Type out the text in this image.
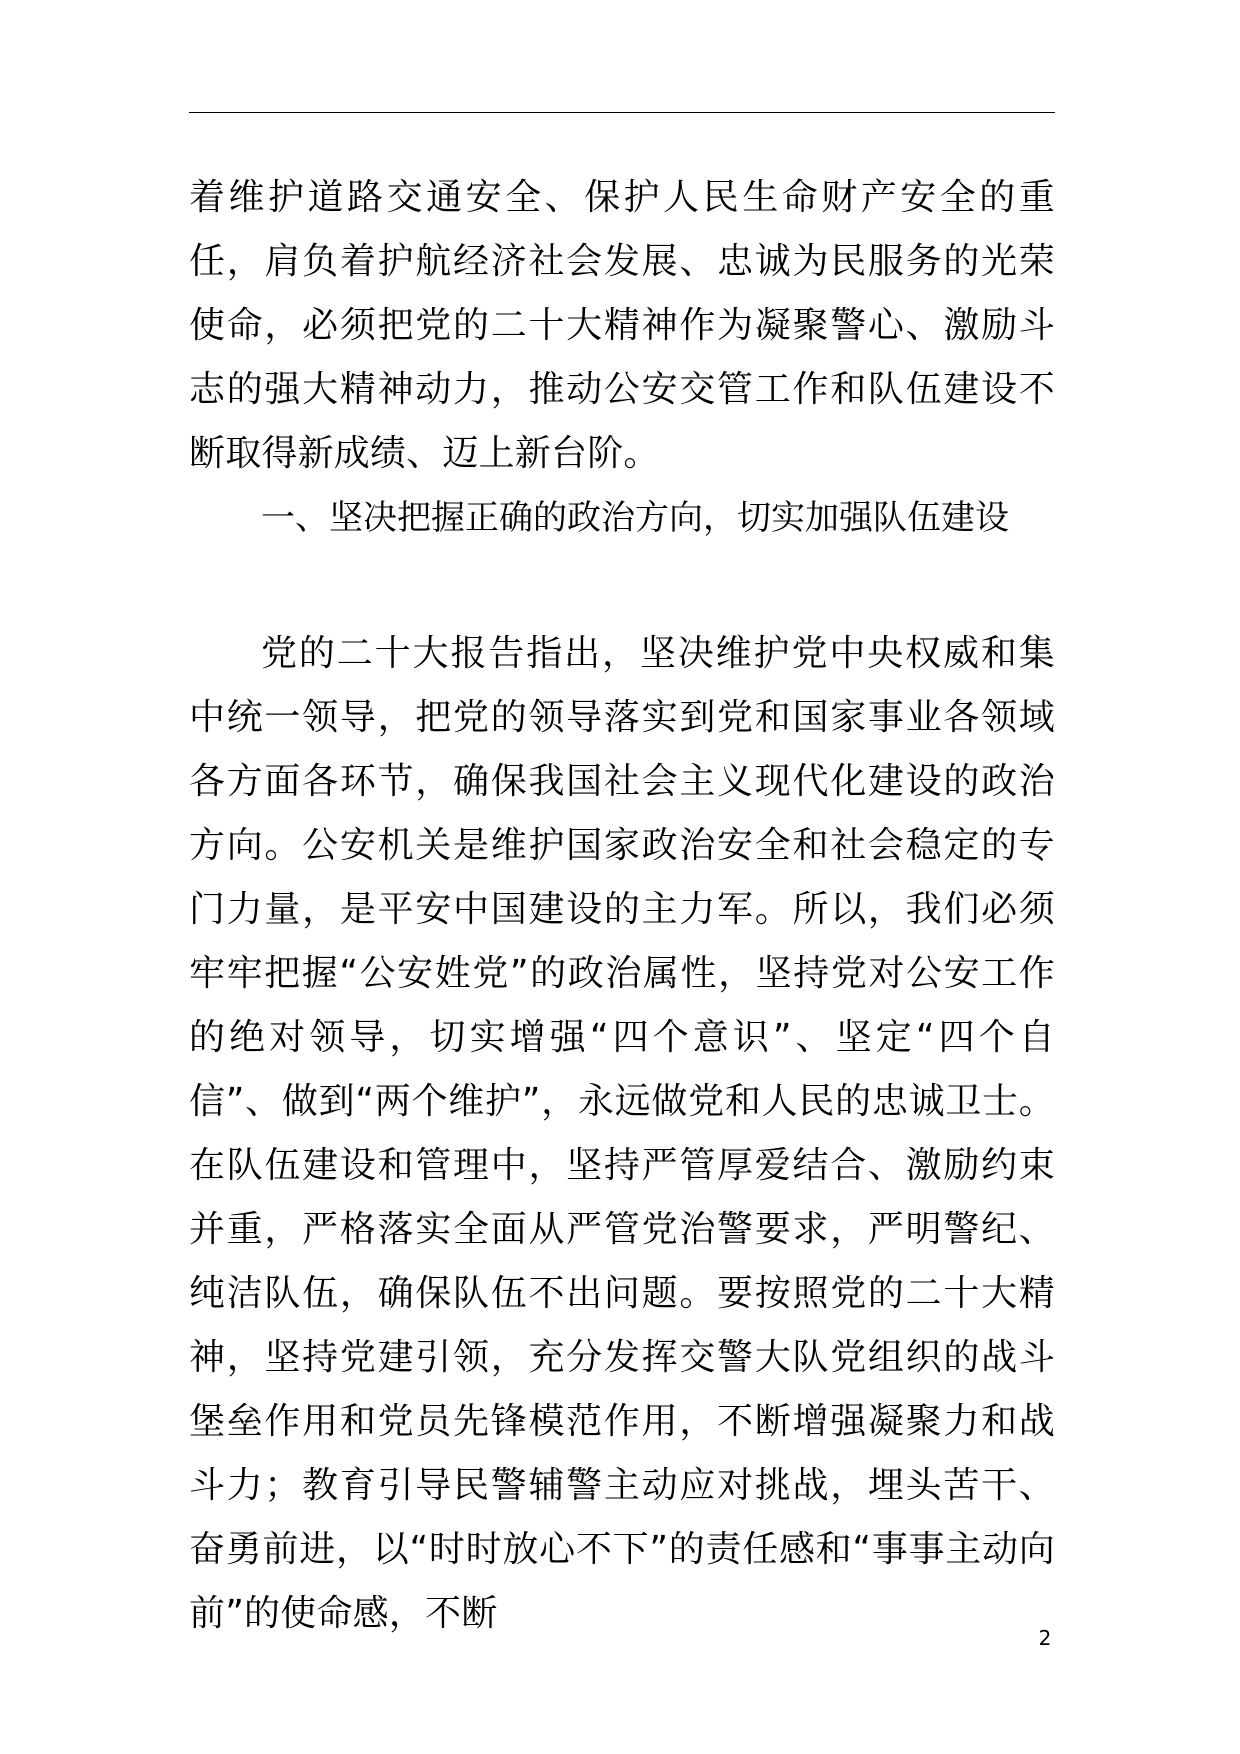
着维护道路交通安全、保护人民生命财产安全的重任，肩负着护航经济社会发展、忠诚为民服务的光荣使命，必须把党的二十大精神作为凝聚警心、激励斗志的强大精神动力，推动公安交管工作和队伍建设不断取得新成绩、迈上新台阶。

一、坚决把握正确的政治方向，切实加强队伍建设

党的二十大报告指出，坚决维护党中央权威和集中统一领导，把党的领导落实到党和国家事业各领域各方面各环节，确保我国社会主义现代化建设的政治方向。公安机关是维护国家政治安全和社会稳定的专门力量，是平安中国建设的主力军。所以，我们必须牢牢把握“公安姓党”的政治属性，坚持党对公安工作的绝对领导，切实增强“四个意识”、坚定“四个自信”、做到“两个维护”，永远做党和人民的忠诚卫士。在队伍建设和管理中，坚持严管厚爱结合、激励约束并重，严格落实全面从严管党治警要求，严明警纪、纯洁队伍，确保队伍不出问题。要按照党的二十大精神，坚持党建引领，充分发挥交警大队党组织的战斗堡垒作用和党员先锋模范作用，不断增强凝聚力和战斗力；教育引导民警辅警主动应对挑战，埋头苦干、奋勇前进，以“时时放心不下”的责任感和“事事主动向前”的使命感，不断

2
